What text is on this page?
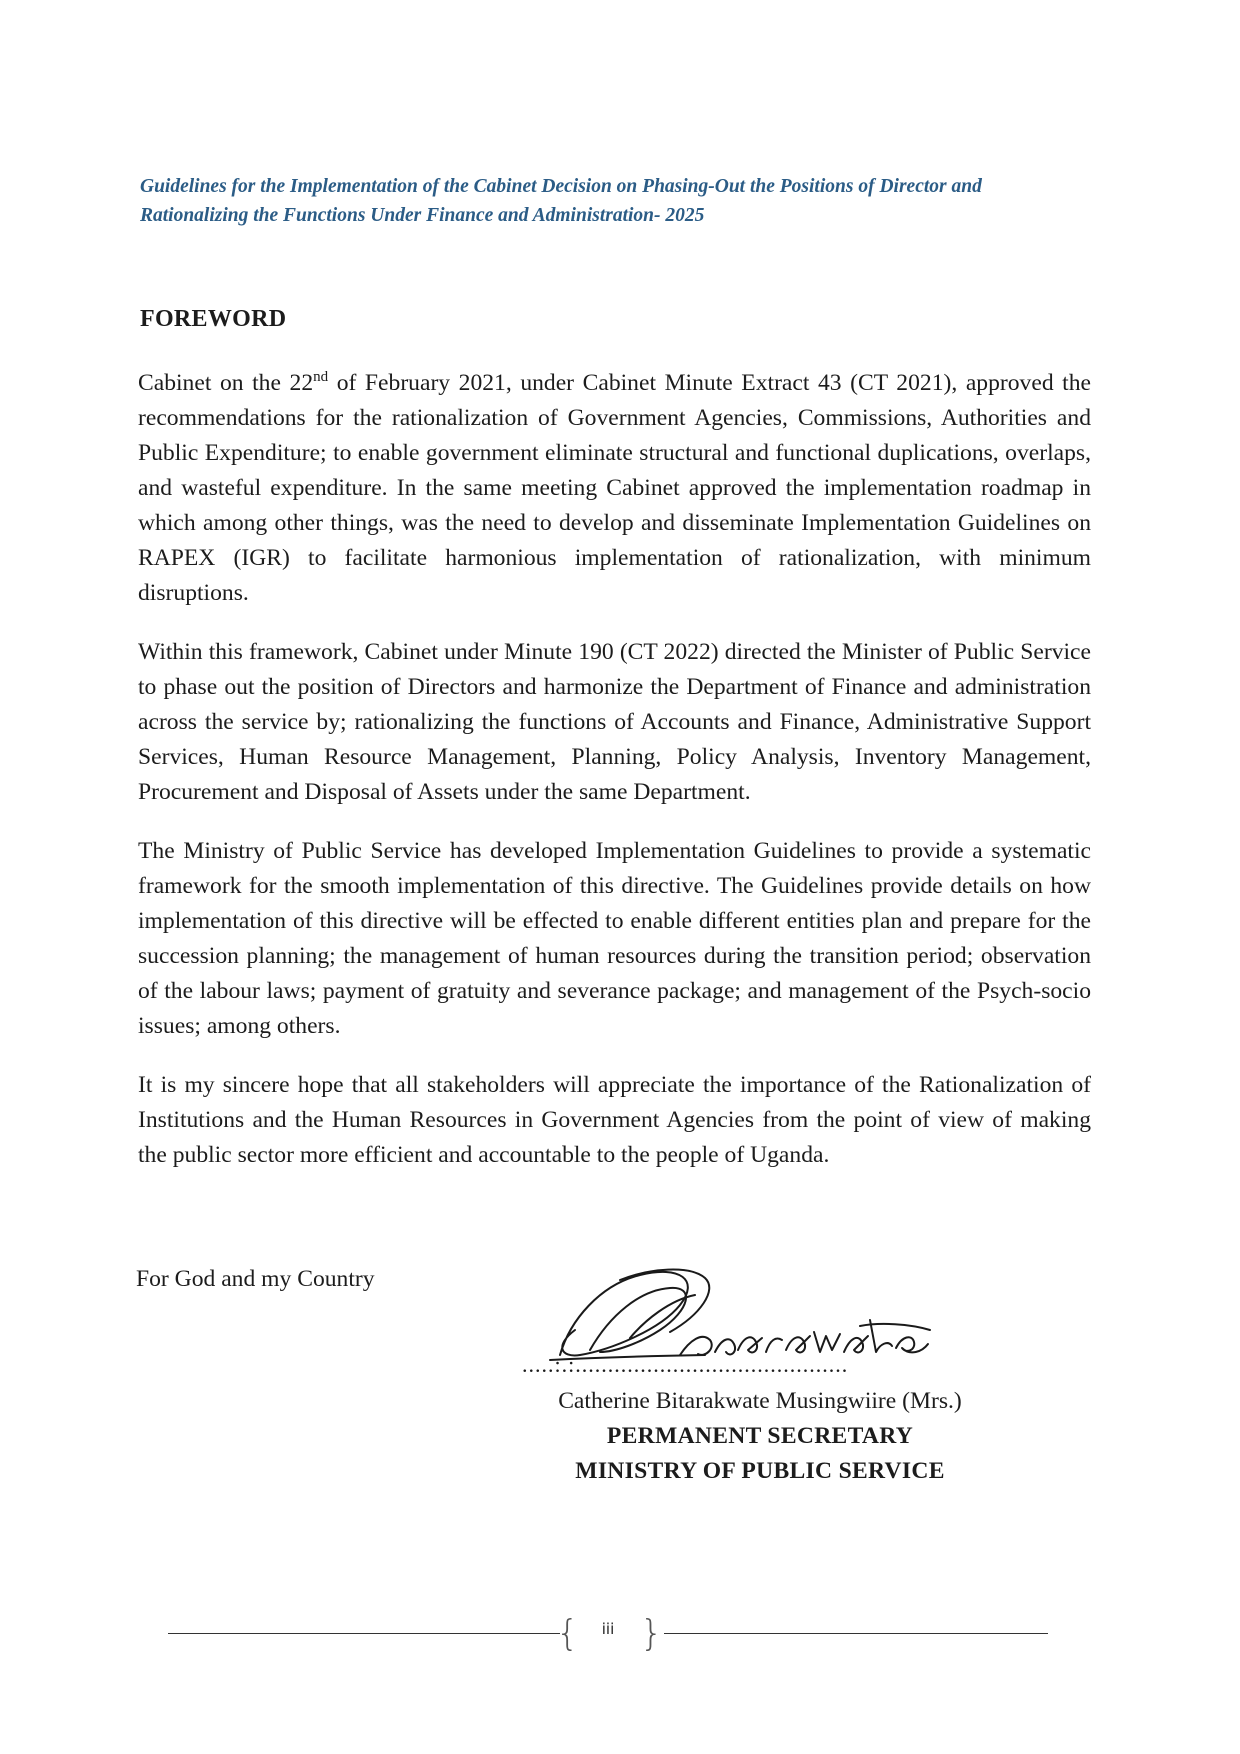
Guidelines for the Implementation of the Cabinet Decision on Phasing-Out the Positions of Director and
Rationalizing the Functions Under Finance and Administration- 2025
FOREWORD

Cabinet on the 22nd of February 2021, under Cabinet Minute Extract 43 (CT 2021), approved the recommendations for the rationalization of Government Agencies, Commissions, Authorities and Public Expenditure; to enable government eliminate structural and functional duplications, overlaps, and wasteful expenditure. In the same meeting Cabinet approved the implementation roadmap in which among other things, was the need to develop and disseminate Implementation Guidelines on RAPEX (IGR) to facilitate harmonious implementation of rationalization, with minimum disruptions.

Within this framework, Cabinet under Minute 190 (CT 2022) directed the Minister of Public Service to phase out the position of Directors and harmonize the Department of Finance and administration across the service by; rationalizing the functions of Accounts and Finance, Administrative Support Services, Human Resource Management, Planning, Policy Analysis, Inventory Management, Procurement and Disposal of Assets under the same Department.

The Ministry of Public Service has developed Implementation Guidelines to provide a systematic framework for the smooth implementation of this directive. The Guidelines provide details on how implementation of this directive will be effected to enable different entities plan and prepare for the succession planning; the management of human resources during the transition period; observation of the labour laws; payment of gratuity and severance package; and management of the Psych-socio issues; among others.

It is my sincere hope that all stakeholders will appreciate the importance of the Rationalization of Institutions and the Human Resources in Government Agencies from the point of view of making the public sector more efficient and accountable to the people of Uganda.

For God and my Country
.....:.:..........................................
Catherine Bitarakwate Musingwiire (Mrs.)
PERMANENT SECRETARY
MINISTRY OF PUBLIC SERVICE
{	iii }
